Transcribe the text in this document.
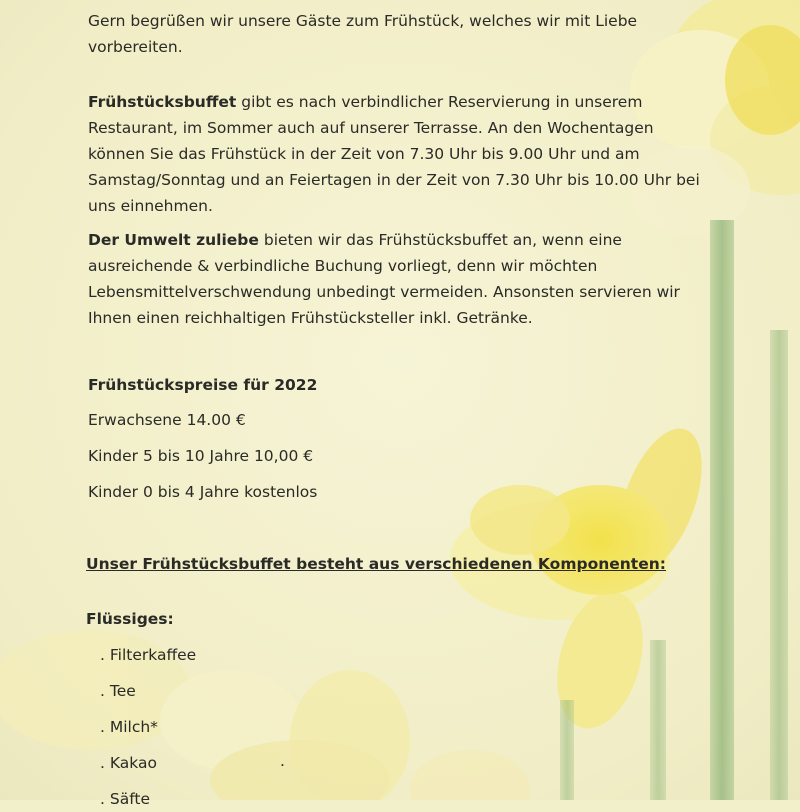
Gern begrüßen wir unsere Gäste zum Frühstück, welches wir mit Liebe
vorbereiten.
Frühstücksbuffet gibt es nach verbindlicher Reservierung in unserem
Restaurant, im Sommer auch auf unserer Terrasse. An den Wochentagen
können Sie das Frühstück in der Zeit von 7.30 Uhr bis 9.00 Uhr und am
Samstag/Sonntag und an Feiertagen in der Zeit von 7.30 Uhr bis 10.00 Uhr bei
uns einnehmen.
Der Umwelt zuliebe bieten wir das Frühstücksbuffet an, wenn eine
ausreichende & verbindliche Buchung vorliegt, denn wir möchten
Lebensmittelverschwendung unbedingt vermeiden. Ansonsten servieren wir
Ihnen einen reichhaltigen Frühstücksteller inkl. Getränke.
Frühstückspreise für 2022
Erwachsene 14.00 €
Kinder 5 bis 10 Jahre 10,00 €
Kinder 0 bis 4 Jahre kostenlos
Unser Frühstücksbuffet besteht aus verschiedenen Komponenten:
Flüssiges:
. Filterkaffee
. Tee
. Milch*
. Kakao
. Säfte
.
